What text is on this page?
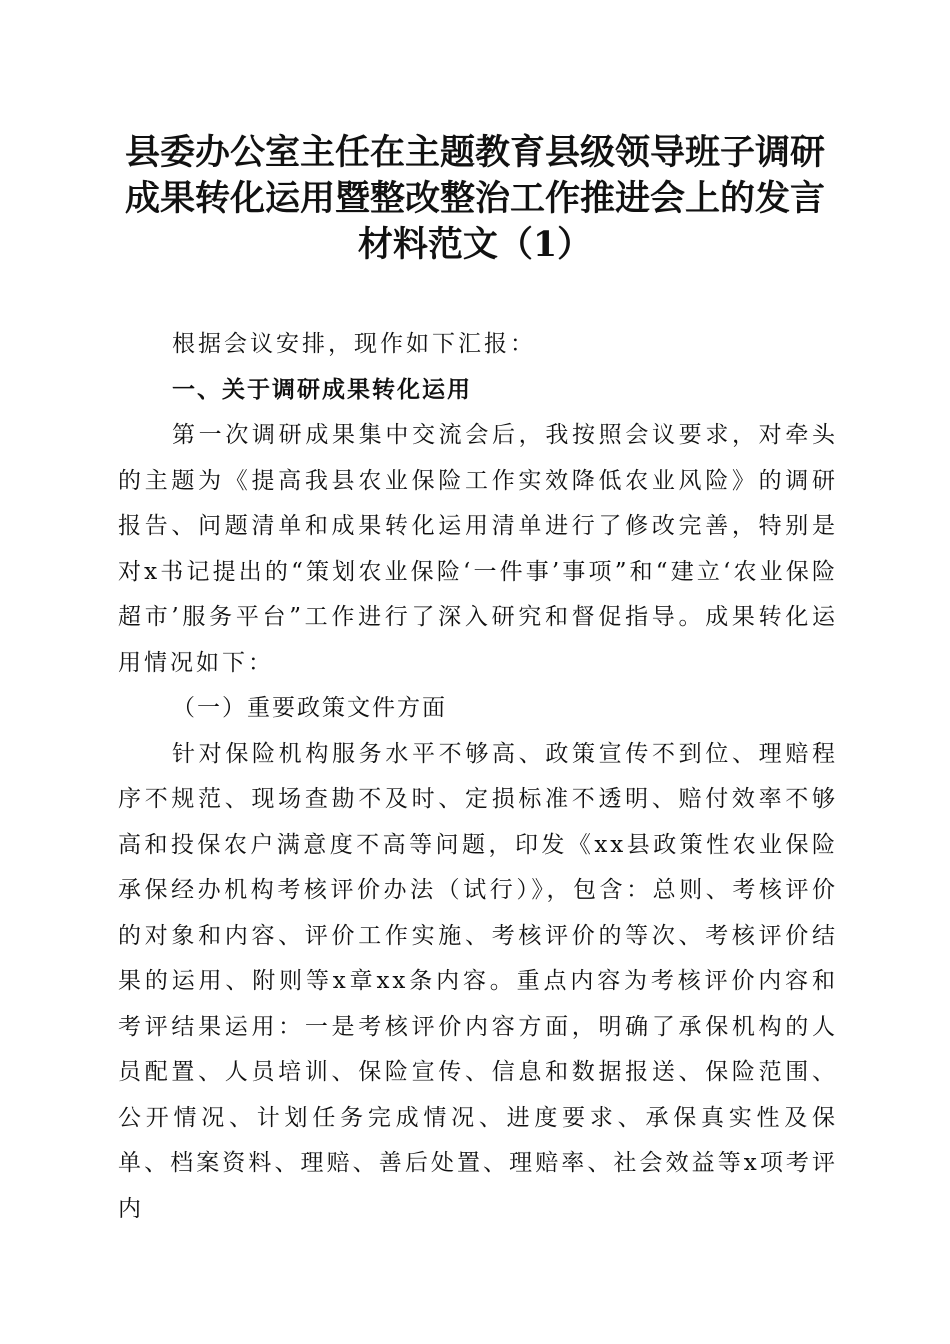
县委办公室主任在主题教育县级领导班子调研
成果转化运用暨整改整治工作推进会上的发言
材料范文（1）

根据会议安排，现作如下汇报：

一、关于调研成果转化运用

第一次调研成果集中交流会后，我按照会议要求，对牵头的主题为《提高我县农业保险工作实效降低农业风险》的调研报告、问题清单和成果转化运用清单进行了修改完善，特别是对x书记提出的“策划农业保险‘一件事’事项”和“建立‘农业保险超市’服务平台”工作进行了深入研究和督促指导。成果转化运用情况如下：

（一）重要政策文件方面

针对保险机构服务水平不够高、政策宣传不到位、理赔程序不规范、现场查勘不及时、定损标准不透明、赔付效率不够高和投保农户满意度不高等问题，印发《xx县政策性农业保险承保经办机构考核评价办法（试行）》，包含：总则、考核评价的对象和内容、评价工作实施、考核评价的等次、考核评价结果的运用、附则等x章xx条内容。重点内容为考核评价内容和考评结果运用：一是考核评价内容方面，明确了承保机构的人员配置、人员培训、保险宣传、信息和数据报送、保险范围、公开情况、计划任务完成情况、进度要求、承保真实性及保单、档案资料、理赔、善后处置、理赔率、社会效益等x项考评内
